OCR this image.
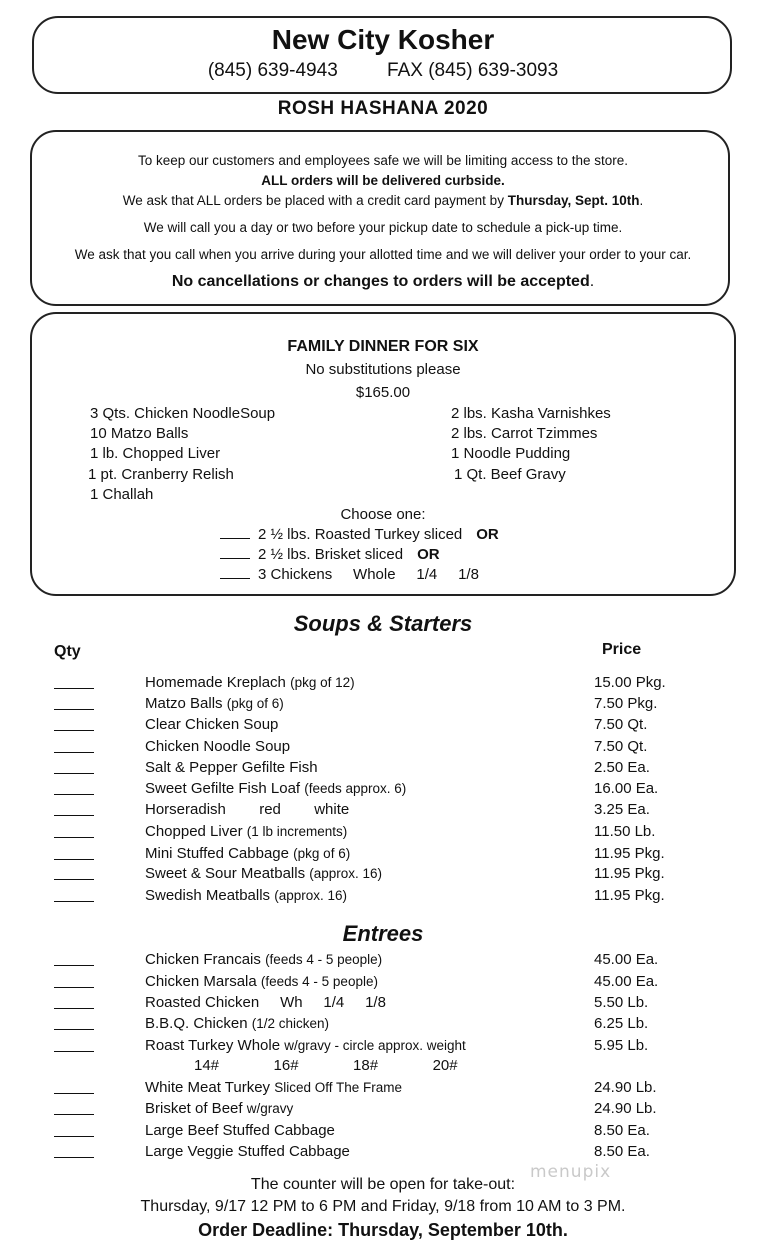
New City Kosher
(845) 639-4943	FAX (845) 639-3093
ROSH HASHANA 2020

To keep our customers and employees safe we will be limiting access to the store.

ALL orders will be delivered curbside.

We ask that ALL orders be placed with a credit card payment by Thursday, Sept. 10th.

We will call you a day or two before your pickup date to schedule a pick-up time.

We ask that you call when you arrive during your allotted time and we will deliver your order to your car.

No cancellations or changes to orders will be accepted.

FAMILY DINNER FOR SIX
No substitutions please
$165.00
3 Qts. Chicken NoodleSoup
10 Matzo Balls
1 lb. Chopped Liver
1 pt. Cranberry Relish
1 Challah
2 lbs. Kasha Varnishkes
2 lbs. Carrot Tzimmes
1 Noodle Pudding
1 Qt. Beef Gravy
Choose one:
2 ½ lbs. Roasted Turkey sliced OR
2 ½ lbs. Brisket sliced OR
3 Chickens     Whole     1/4     1/8
Soups & Starters
Qty	Price
Homemade Kreplach (pkg of 12)	15.00 Pkg.
Matzo Balls (pkg of 6)	7.50 Pkg.
Clear Chicken Soup	7.50 Qt.
Chicken Noodle Soup	7.50 Qt.
Salt & Pepper Gefilte Fish	2.50 Ea.
Sweet Gefilte Fish Loaf (feeds approx. 6)	16.00 Ea.
Horseradish        red        white	3.25 Ea.
Chopped Liver (1 lb increments)	11.50 Lb.
Mini Stuffed Cabbage (pkg of 6)	11.95 Pkg.
Sweet & Sour Meatballs (approx. 16)	11.95 Pkg.
Swedish Meatballs (approx. 16)	11.95 Pkg.
Entrees
Chicken Francais (feeds 4 - 5 people)	45.00 Ea.
Chicken Marsala (feeds 4 - 5 people)	45.00 Ea.
Roasted Chicken     Wh     1/4     1/8	5.50 Lb.
B.B.Q. Chicken (1/2 chicken)	6.25 Lb.
Roast Turkey Whole w/gravy - circle approx. weight	5.95 Lb.
White Meat Turkey Sliced Off The Frame	24.90 Lb.
Brisket of Beef w/gravy	24.90 Lb.
Large Beef Stuffed Cabbage	8.50 Ea.
Large Veggie Stuffed Cabbage	8.50 Ea.
14#   16#   18#   20#
The counter will be open for take-out:
Thursday, 9/17 12 PM to 6 PM and Friday, 9/18 from 10 AM to 3 PM.
Order Deadline: Thursday, September 10th.
menupix
